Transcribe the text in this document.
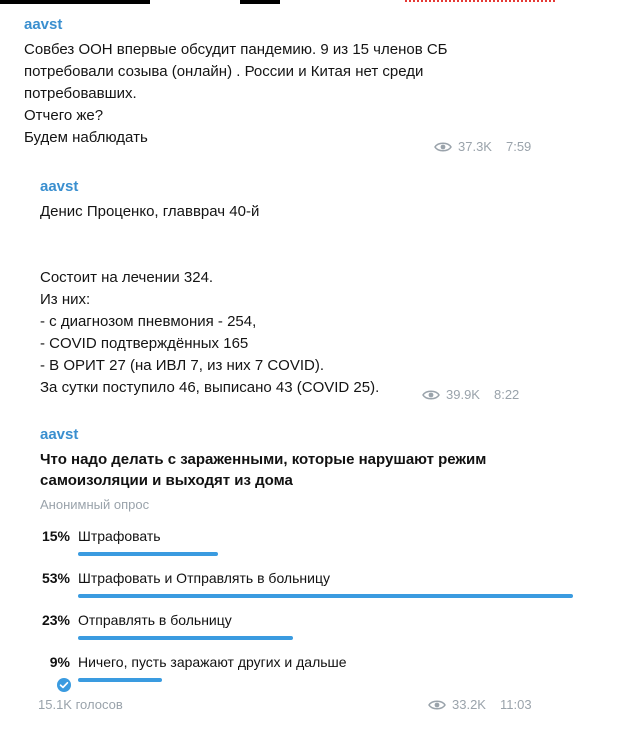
aavst
Совбез ООН впервые обсудит пандемию. 9 из 15 членов СБ
потребовали созыва (онлайн) . России и Китая нет среди
потребовавших.
Отчего же?
Будем наблюдать
37.3K 7:59
aavst
Денис Проценко, главврач 40-й

Состоит на лечении 324.
Из них:
- с диагнозом пневмония - 254,
- COVID подтверждённых 165
- В ОРИТ 27 (на ИВЛ 7, из них 7 COVID).
За сутки поступило 46, выписано 43 (COVID 25).	39.9K 8:22
aavst
Что надо делать с зараженными, которые нарушают режим
самоизоляции и выходят из дома
Анонимный опрос
15% Штрафовать
53% Штрафовать и Отправлять в больницу
23% Отправлять в больницу
9% Ничего, пусть заражают других и дальше
15.1K голосов	33.2K 11:03
